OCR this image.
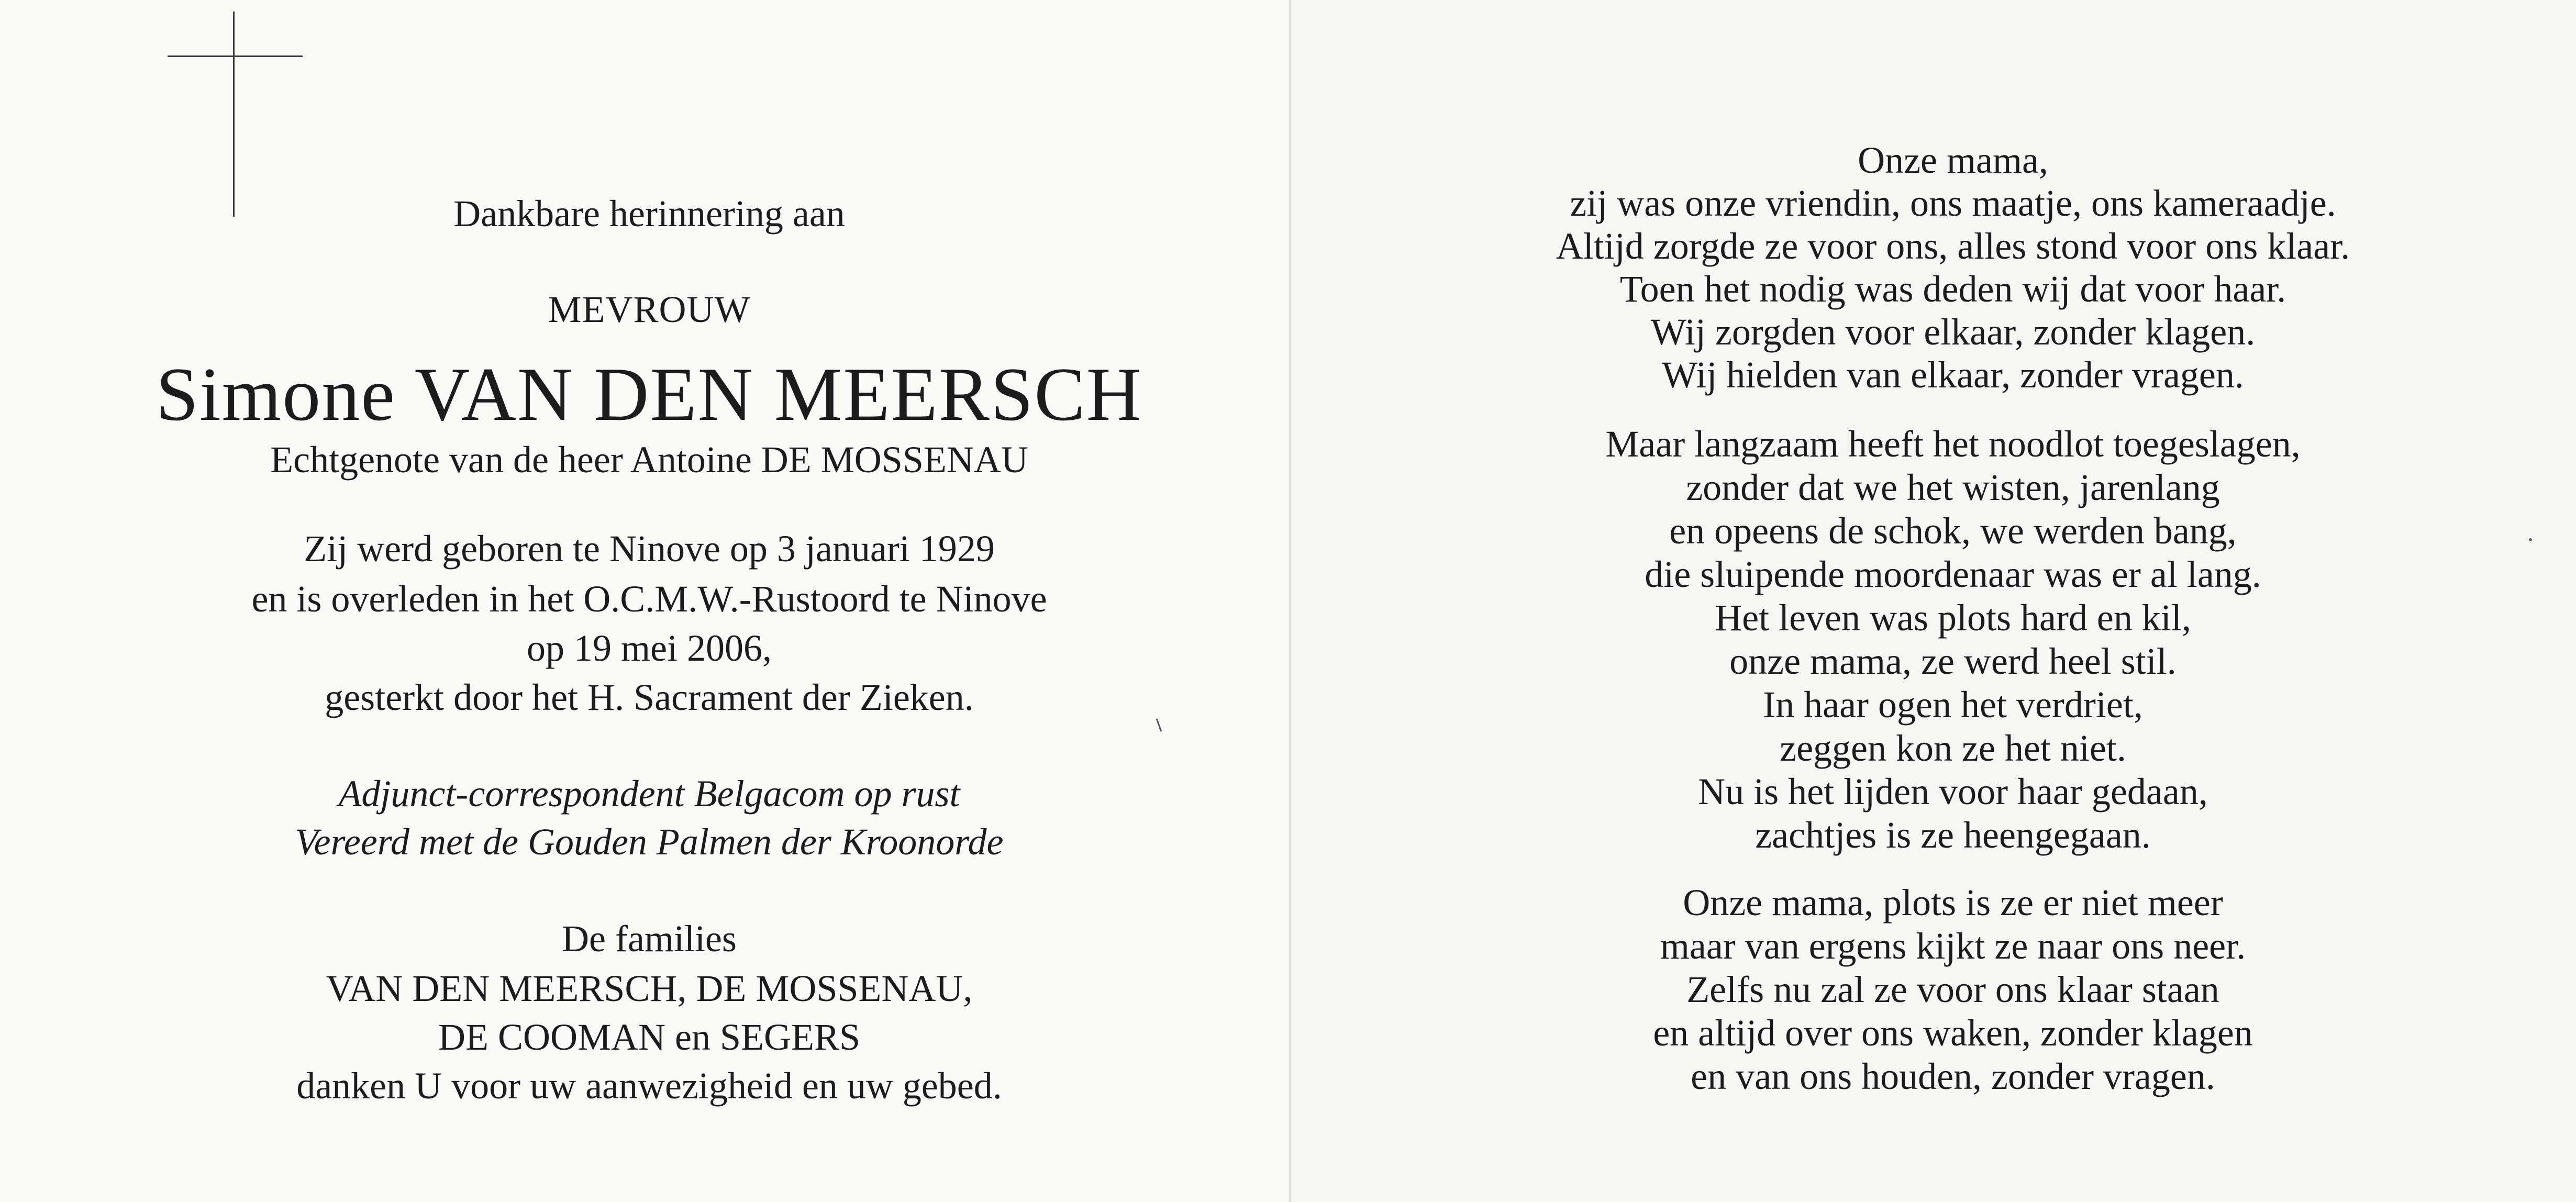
Dankbare herinnering aan
MEVROUW
Simone VAN DEN MEERSCH
Echtgenote van de heer Antoine DE MOSSENAU
Zij werd geboren te Ninove op 3 januari 1929
en is overleden in het O.C.M.W.-Rustoord te Ninove
op 19 mei 2006,
gesterkt door het H. Sacrament der Zieken.
Adjunct-correspondent Belgacom op rust
Vereerd met de Gouden Palmen der Kroonorde
De families
VAN DEN MEERSCH, DE MOSSENAU,
DE COOMAN en SEGERS
danken U voor uw aanwezigheid en uw gebed.
Onze mama,
zij was onze vriendin, ons maatje, ons kameraadje.
Altijd zorgde ze voor ons, alles stond voor ons klaar.
Toen het nodig was deden wij dat voor haar.
Wij zorgden voor elkaar, zonder klagen.
Wij hielden van elkaar, zonder vragen.
Maar langzaam heeft het noodlot toegeslagen,
zonder dat we het wisten, jarenlang
en opeens de schok, we werden bang,
die sluipende moordenaar was er al lang.
Het leven was plots hard en kil,
onze mama, ze werd heel stil.
In haar ogen het verdriet,
zeggen kon ze het niet.
Nu is het lijden voor haar gedaan,
zachtjes is ze heengegaan.
Onze mama, plots is ze er niet meer
maar van ergens kijkt ze naar ons neer.
Zelfs nu zal ze voor ons klaar staan
en altijd over ons waken, zonder klagen
en van ons houden, zonder vragen.
